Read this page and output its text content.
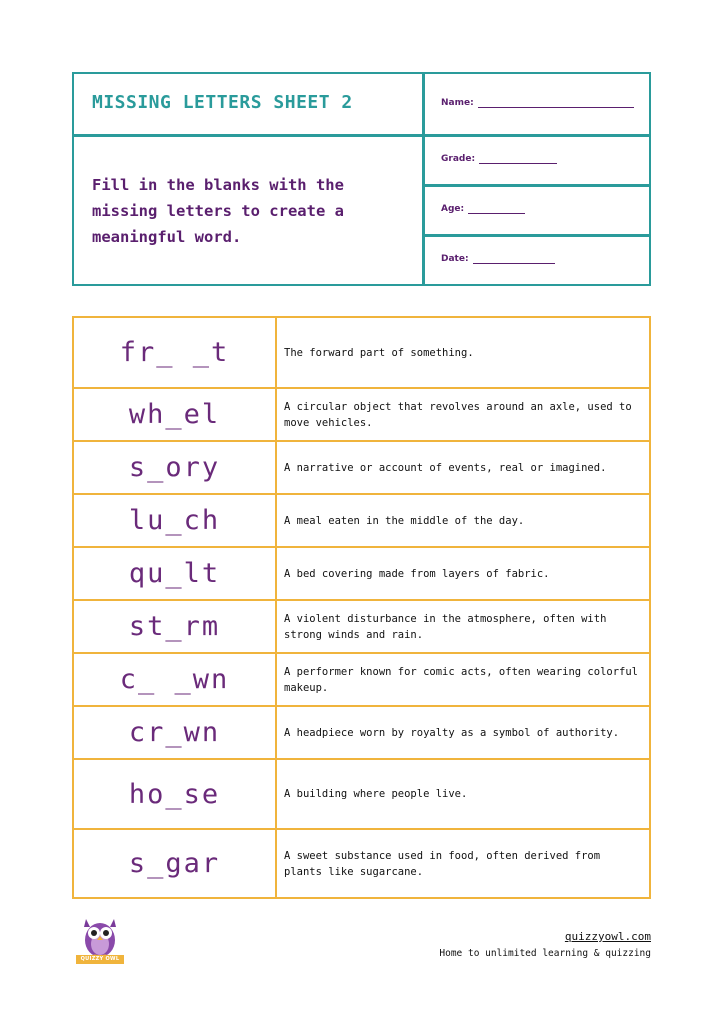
MISSING LETTERS SHEET 2
Fill in the blanks with the missing letters to create a meaningful word.
Name:
Grade:
Age:
Date:
fr_ _t	The forward part of something.
wh_el	A circular object that revolves around an axle, used to move vehicles.
s_ory	A narrative or account of events, real or imagined.
lu_ch	A meal eaten in the middle of the day.
qu_lt	A bed covering made from layers of fabric.
st_rm	A violent disturbance in the atmosphere, often with strong winds and rain.
c_ _wn	A performer known for comic acts, often wearing colorful makeup.
cr_wn	A headpiece worn by royalty as a symbol of authority.
ho_se	A building where people live.
s_gar	A sweet substance used in food, often derived from plants like sugarcane.
QUIZZY OWL
quizzyowl.com
Home to unlimited learning & quizzing
